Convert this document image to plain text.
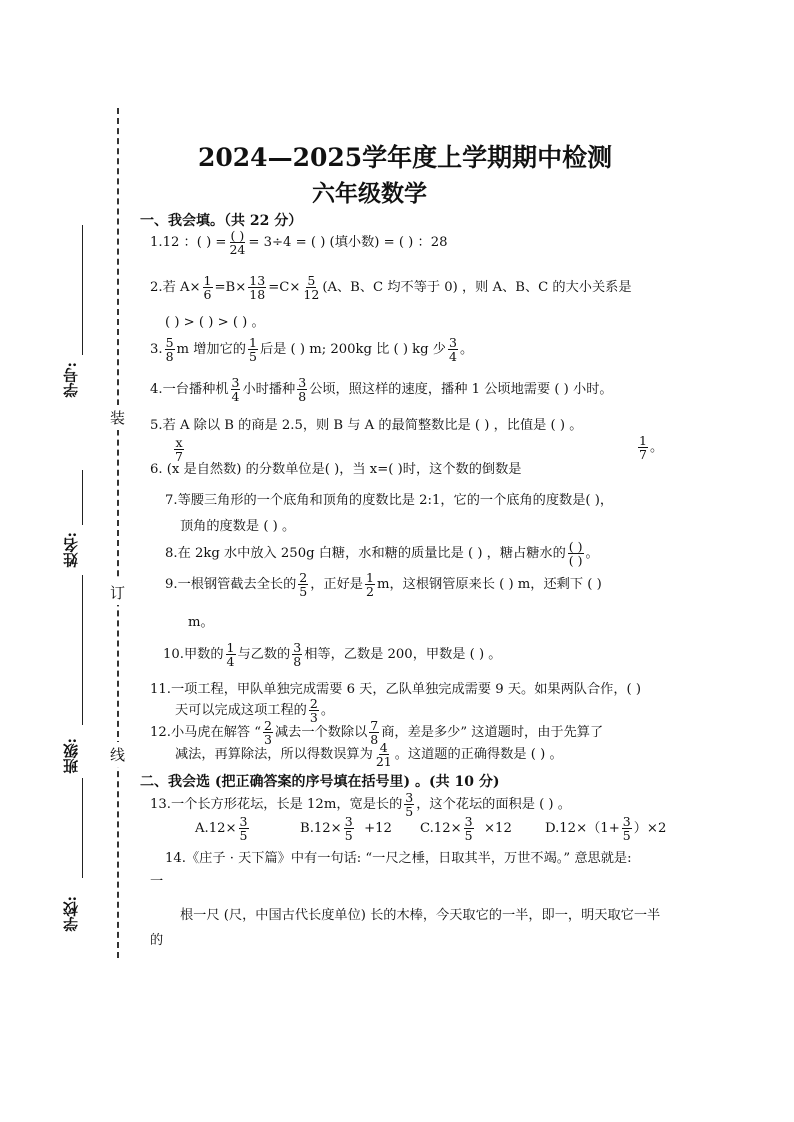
学号:
姓名:
班级:
学校:
装
订
线
2024—2025学年度上学期期中检测
六年级数学
一、我会填。（共 22 分）
1.12 ：( ) = $\frac{( )}{24} = 3\div 4$ = ( ) (填小数) = ( ) ：28
2.若 $A\times \frac{1}{6} =B\times \frac{13}{18} =C\times \frac{5}{12} (A$、B、C 均不等于 0) ，则 A、B、C 的大小关系是
( ) > ( ) > ( ) 。
3. $\frac{5}{8}$ m 增加它的 $\frac{1}{5}$ 后是 ( ) m; 200kg 比 ( ) kg 少 $\frac{3}{4}$ 。
4.一台播种机 $\frac{3}{4}$ 小时播种 $\frac{3}{8}$ 公顷，照这样的速度，播种 1 公顷地需要 ( ) 小时。
5.若 A 除以 B 的商是 2.5，则 B 与 A 的最简整数比是 ( ) ，比值是 ( ) 。
$\frac{x}{7}$
6. (x 是自然数) 的分数单位是( )，当 x=( )时，这个数的倒数是
$\frac{1}{7}$ 。
7.等腰三角形的一个底角和顶角的度数比是 2:1，它的一个底角的度数是( )，
顶角的度数是 ( ) 。
8.在 2kg 水中放入 250g 白糖，水和糖的质量比是 ( ) ，糖占糖水的 $\frac{( )}{( )}$ 。
9.一根钢管截去全长的 $\frac{2}{5}$ ，正好是 $\frac{1}{2}$ m，这根钢管原来长 ( ) m，还剩下 ( )
m。
10.甲数的 $\frac{1}{4}$ 与乙数的 $\frac{3}{8}$ 相等，乙数是 200，甲数是 ( ) 。
11.一项工程，甲队单独完成需要 6 天，乙队单独完成需要 9 天。如果两队合作，( )
天可以完成这项工程的 $\frac{2}{3}$ 。
12.小马虎在解答 “ $\frac{2}{3}$ 减去一个数除以 $\frac{7}{8}$ 商，差是多少” 这道题时，由于先算了
减法，再算除法，所以得数误算为 $\frac{4}{21}$ 。这道题的正确得数是 ( ) 。
二、我会选 (把正确答案的序号填在括号里) 。(共 10 分)
13.一个长方形花坛，长是 12m，宽是长的 $\frac{3}{5}$ ，这个花坛的面积是 ( ) 。
$A.12\times \frac{3}{5}$	$B.12\times \frac{3}{5} +12$ $C.12\times \frac{3}{5} \times 12$	$D.12\times(1+ \frac{3}{5} )\times 2$
14.《庄子 · 天下篇》中有一句话: “一尺之棰，日取其半，万世不竭。” 意思就是:
一
根一尺 (尺，中国古代长度单位) 长的木棒，今天取它的一半，即一，明天取它一半
的
